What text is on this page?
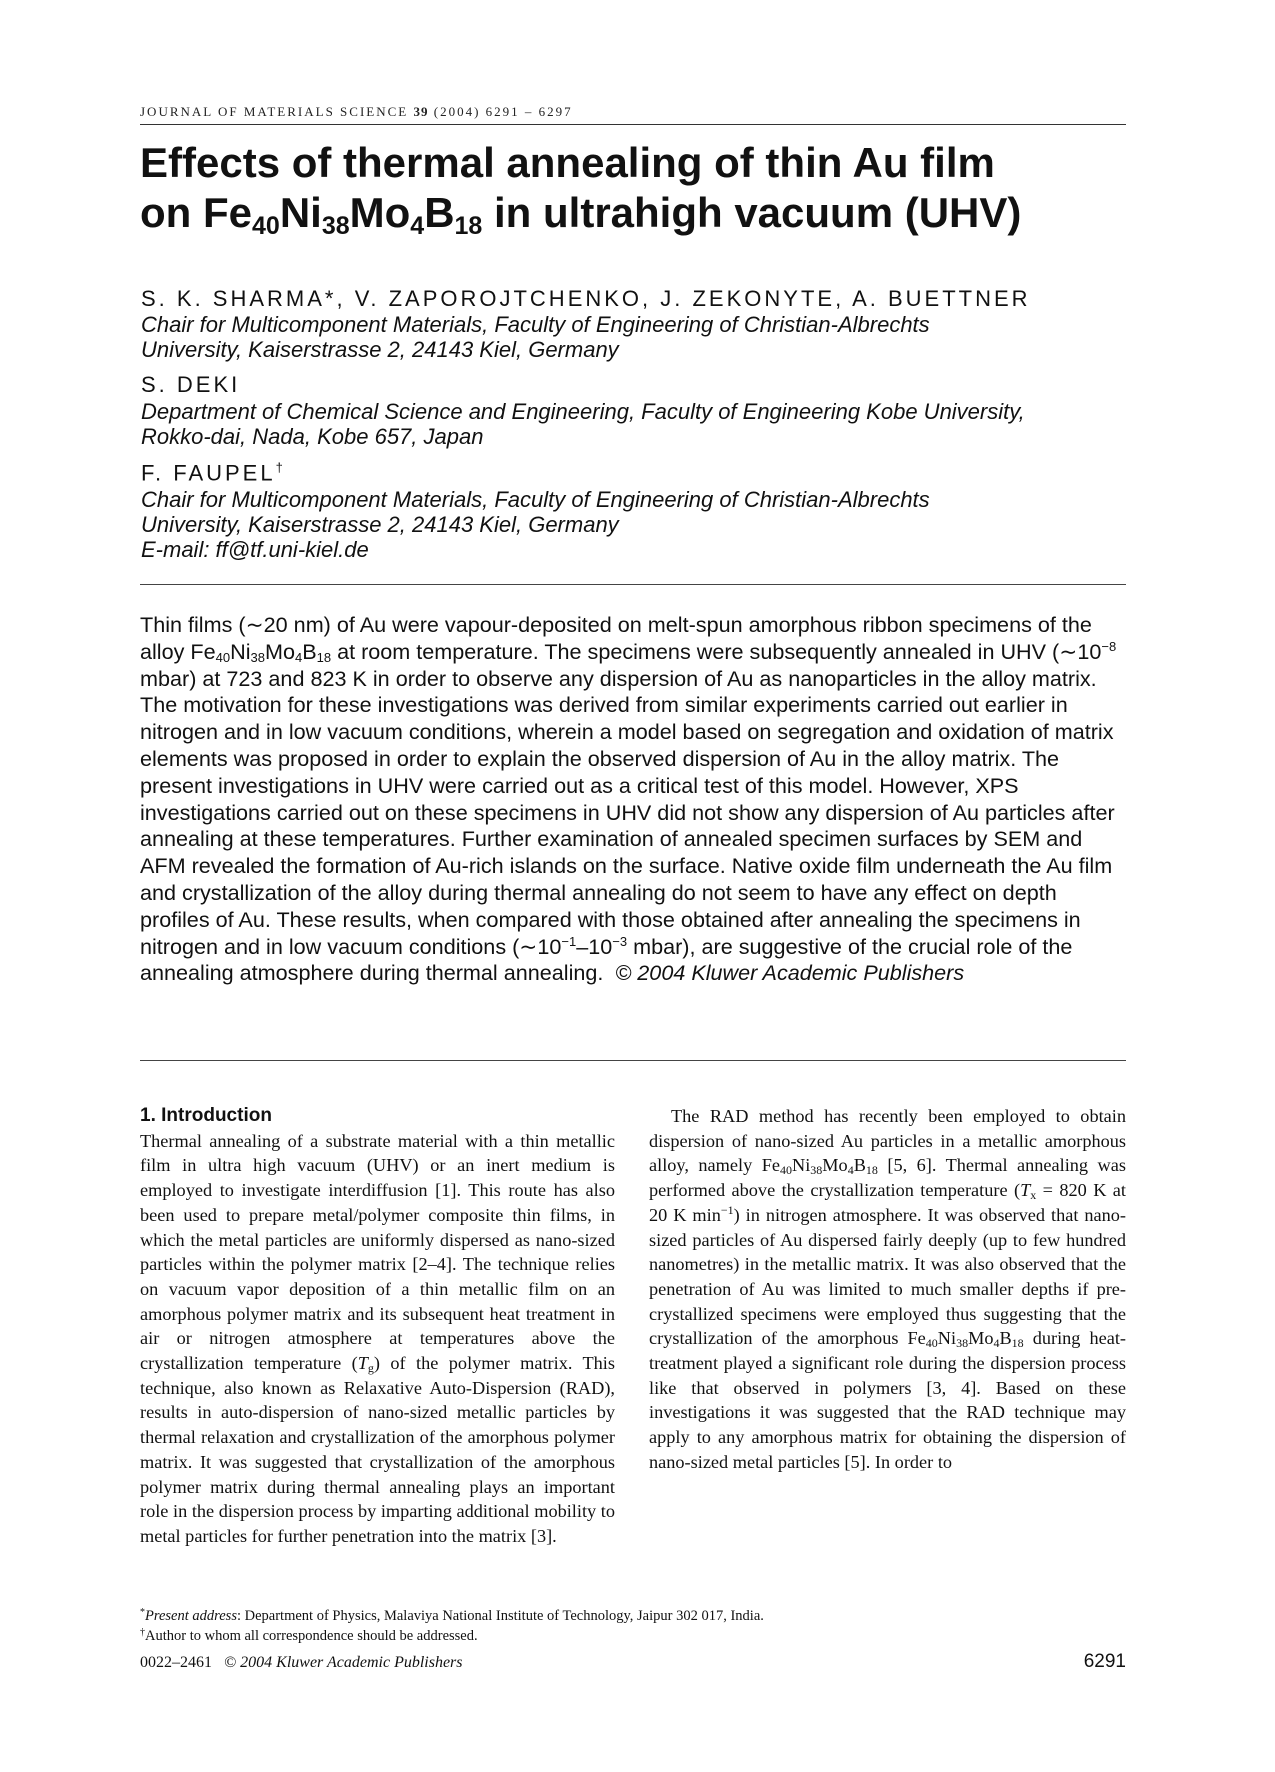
JOURNAL OF MATERIALS SCIENCE 39 (2004) 6291 – 6297
Effects of thermal annealing of thin Au film
on $Fe_{40}Ni_{38}Mo_4B_{18}$ in ultrahigh vacuum (UHV)
S. K. SHARMA*, V. ZAPOROJTCHENKO, J. ZEKONYTE, A. BUETTNER
Chair for Multicomponent Materials, Faculty of Engineering of Christian-Albrechts
University, Kaiserstrasse 2, 24143 Kiel, Germany
S. DEKI
Department of Chemical Science and Engineering, Faculty of Engineering Kobe University,
Rokko-dai, Nada, Kobe 657, Japan
F. FAUPEL†
Chair for Multicomponent Materials, Faculty of Engineering of Christian-Albrechts
University, Kaiserstrasse 2, 24143 Kiel, Germany
E-mail: ff@tf.uni-kiel.de
Thin films (∼20 nm) of Au were vapour-deposited on melt-spun amorphous ribbon specimens of the alloy $Fe_{40}Ni_{38}Mo_4B_{18}$ at room temperature. The specimens were subsequently annealed in UHV ($\sim 10^{-8}$ mbar) at 723 and 823 K in order to observe any dispersion of Au as nanoparticles in the alloy matrix. The motivation for these investigations was derived from similar experiments carried out earlier in nitrogen and in low vacuum conditions, wherein a model based on segregation and oxidation of matrix elements was proposed in order to explain the observed dispersion of Au in the alloy matrix. The present investigations in UHV were carried out as a critical test of this model. However, XPS investigations carried out on these specimens in UHV did not show any dispersion of Au particles after annealing at these temperatures. Further examination of annealed specimen surfaces by SEM and AFM revealed the formation of Au-rich islands on the surface. Native oxide film underneath the Au film and crystallization of the alloy during thermal annealing do not seem to have any effect on depth profiles of Au. These results, when compared with those obtained after annealing the specimens in nitrogen and in low vacuum conditions ($\sim 10^{-1}-10^{-3}$ mbar), are suggestive of the crucial role of the annealing atmosphere during thermal annealing. © 2004 Kluwer Academic Publishers
1. Introduction

Thermal annealing of a substrate material with a thin metallic film in ultra high vacuum (UHV) or an inert medium is employed to investigate interdiffusion [1]. This route has also been used to prepare metal/polymer composite thin films, in which the metal particles are uniformly dispersed as nano-sized particles within the polymer matrix [2–4]. The technique relies on vacuum vapor deposition of a thin metallic film on an amorphous polymer matrix and its subsequent heat treatment in air or nitrogen atmosphere at temperatures above the crystallization temperature $(T_g)$ of the polymer matrix. This technique, also known as Relaxative Auto-Dispersion (RAD), results in auto-dispersion of nano-sized metallic particles by thermal relaxation and crystallization of the amorphous polymer matrix. It was suggested that crystallization of the amorphous polymer matrix during thermal annealing plays an important role in the dispersion process by imparting additional mobility to metal particles for further penetration into the matrix [3].

The RAD method has recently been employed to obtain dispersion of nano-sized Au particles in a metallic amorphous alloy, namely $Fe_{40}Ni_{38}Mo_4B_{18}$ [5, 6]. Thermal annealing was performed above the crystallization temperature ($T_x = 820$ K at 20 K $\min^{-1}$) in nitrogen atmosphere. It was observed that nano-sized particles of Au dispersed fairly deeply (up to few hundred nanometres) in the metallic matrix. It was also observed that the penetration of Au was limited to much smaller depths if pre-crystallized specimens were employed thus suggesting that the crystallization of the amorphous $Fe_{40}Ni_{38}Mo_4B_{18}$ during heat-treatment played a significant role during the dispersion process like that observed in polymers [3, 4]. Based on these investigations it was suggested that the RAD technique may apply to any amorphous matrix for obtaining the dispersion of nano-sized metal particles [5]. In order to

*Present address: Department of Physics, Malaviya National Institute of Technology, Jaipur 302 017, India.
†Author to whom all correspondence should be addressed.
0022–2461 © 2004 Kluwer Academic Publishers	6291
